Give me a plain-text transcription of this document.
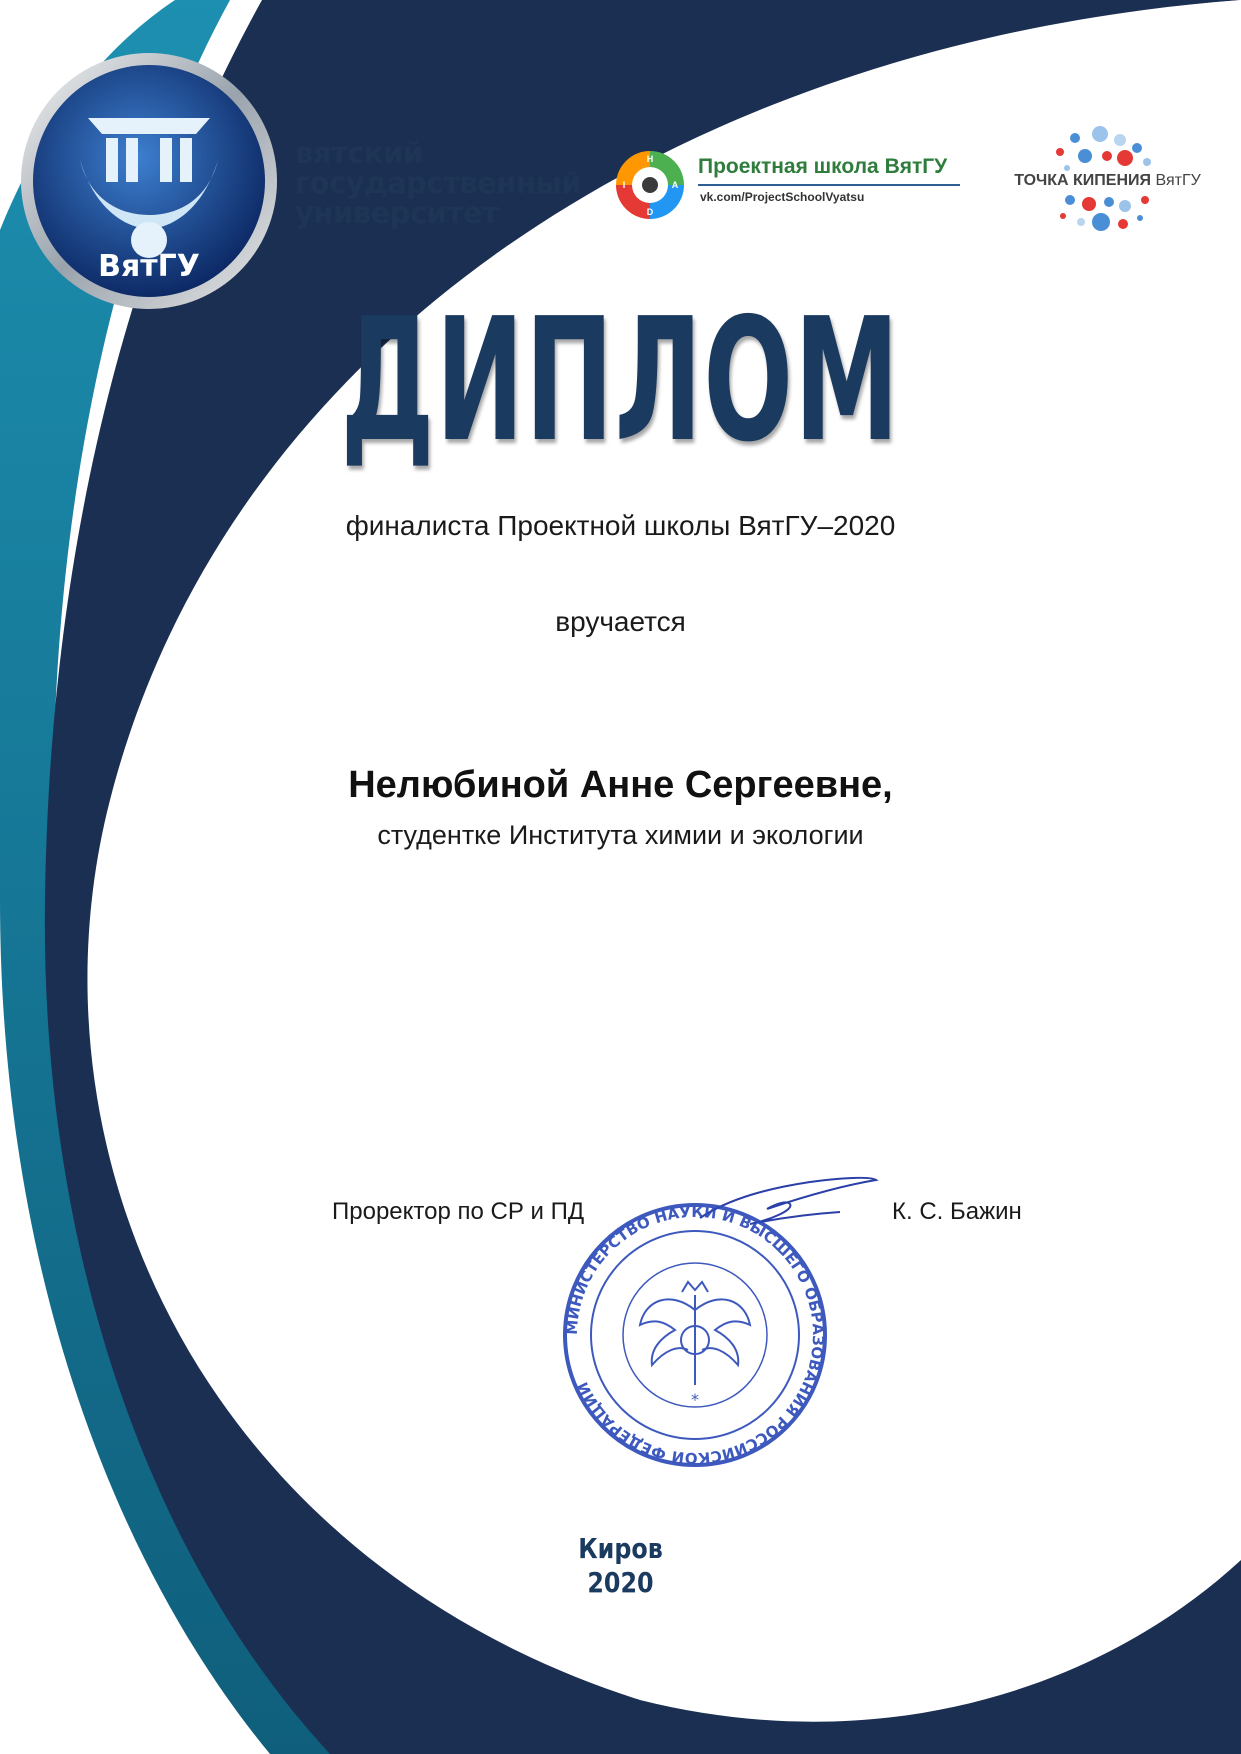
ВятГУ
вятский
государственный
университет
H
A
D
I
Проектная школа ВятГУ
vk.com/ProjectSchoolVyatsu
ТОЧКА КИПЕНИЯ ВятГУ
ДИПЛОМ
финалиста Проектной школы ВятГУ–2020
вручается
Нелюбиной Анне Сергеевне,
студентке Института химии и экологии
Проректор по СР и ПД	К. С. Бажин
МИНИСТЕРСТВО НАУКИ И ВЫСШЕГО ОБРАЗОВАНИЯ РОССИЙСКОЙ ФЕДЕРАЦИИ
*
Киров
2020
